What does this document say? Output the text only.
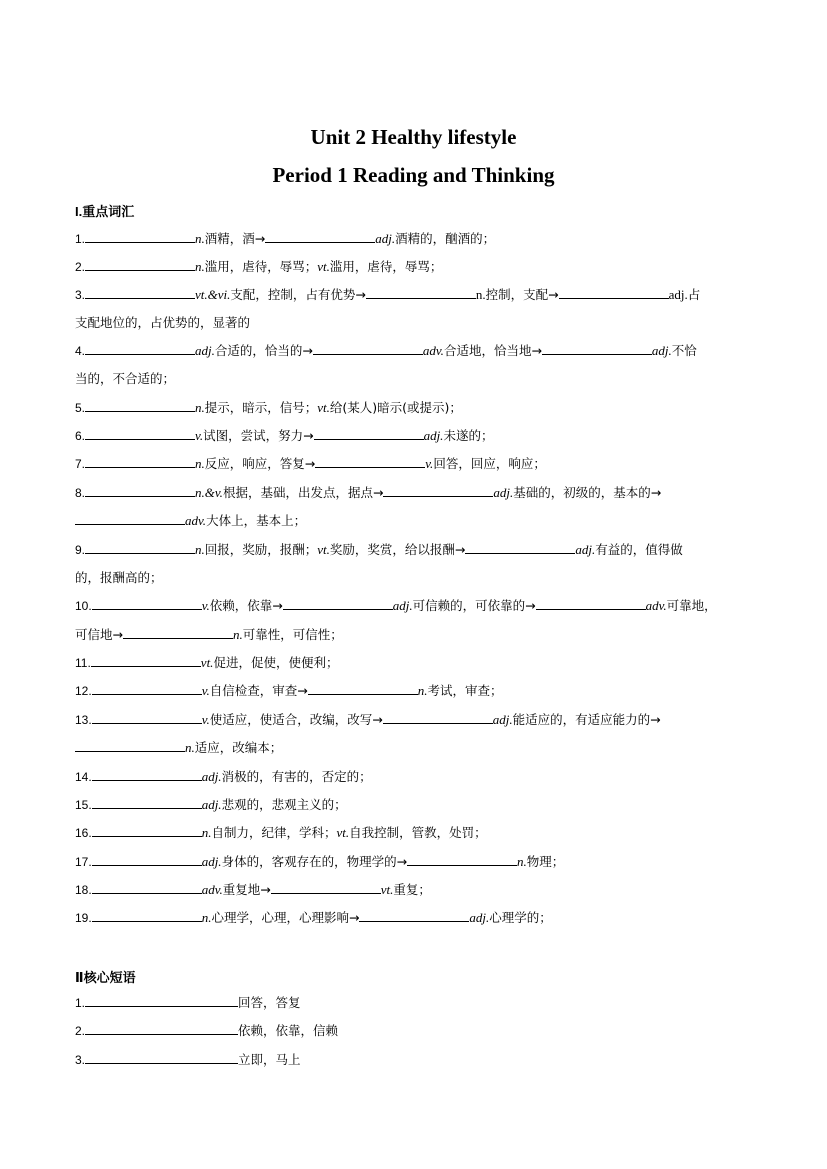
Unit 2 Healthy lifestyle
Period 1 Reading and Thinking
I.重点词汇
1.	n.酒精，酒→	adj.酒精的，酗酒的；
2.	n.滥用，虐待，辱骂；vt.滥用，虐待，辱骂；
3.	vt.&vi.支配，控制，占有优势→	n.控制，支配→	adj.占
支配地位的，占优势的，显著的
4.	adj.合适的，恰当的→	adv.合适地，恰当地→	adj.不恰
当的，不合适的；
5.	n.提示，暗示，信号；vt.给(某人)暗示(或提示)；
6.	v.试图，尝试，努力→	adj.未遂的；
7.	n.反应，响应，答复→	v.回答，回应，响应；
8.	n.&v.根据，基础，出发点，据点→	adj.基础的，初级的，基本的→
adv.大体上，基本上；
9.	n.回报，奖励，报酬；vt.奖励，奖赏，给以报酬→	adj.有益的，值得做
的，报酬高的；
10.	v.依赖，依靠→	adj.可信赖的，可依靠的→	adv.可靠地，
可信地→	n.可靠性，可信性；
11.	vt.促进，促使，使便利；
12.	v.自信检查，审查→	n.考试，审查；
13.	v.使适应，使适合，改编，改写→	adj.能适应的，有适应能力的→
n.适应，改编本；
14.	adj.消极的，有害的，否定的；
15.	adj.悲观的，悲观主义的；
16.	n.自制力，纪律，学科；vt.自我控制，管教，处罚；
17.	adj.身体的，客观存在的，物理学的→	n.物理；
18.	adv.重复地→	vt.重复；
19.	n.心理学，心理，心理影响→	adj.心理学的；
Ⅱ核心短语
1.	回答，答复
2.	依赖，依靠，信赖
3.	立即，马上
